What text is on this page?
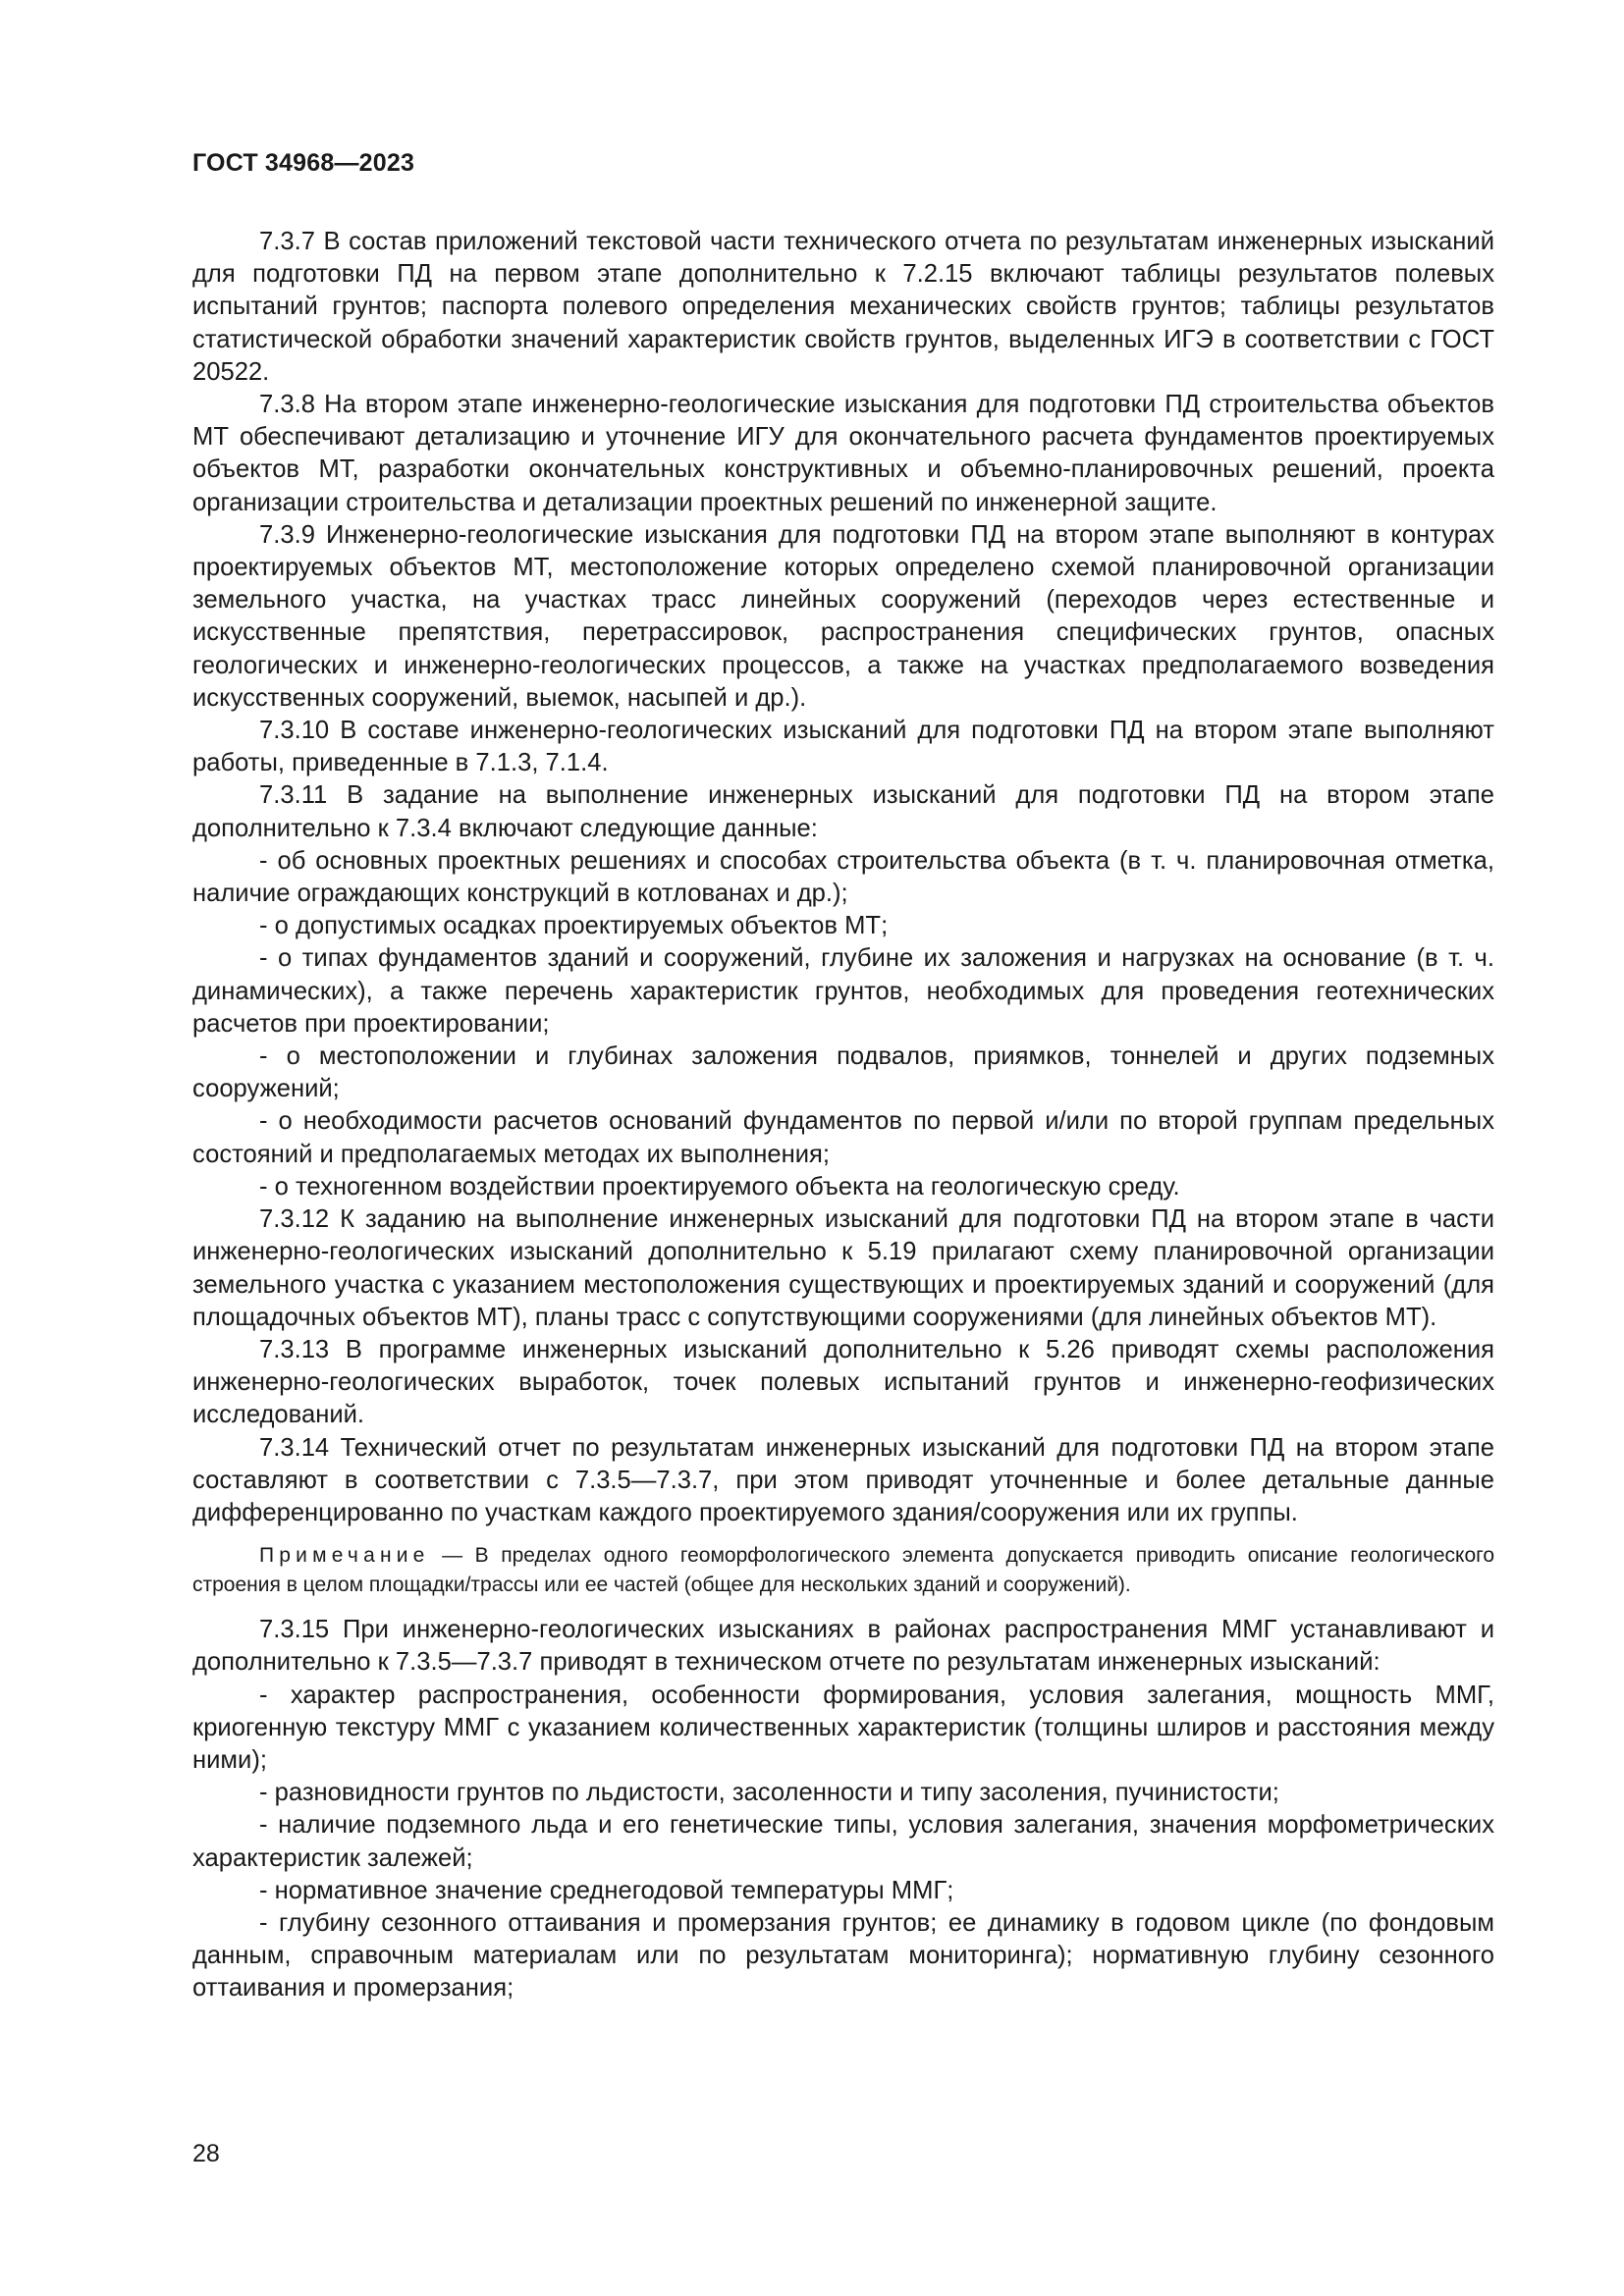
ГОСТ 34968—2023

7.3.7 В состав приложений текстовой части технического отчета по результатам инженерных изысканий для подготовки ПД на первом этапе дополнительно к 7.2.15 включают таблицы результатов полевых испытаний грунтов; паспорта полевого определения механических свойств грунтов; таблицы результатов статистической обработки значений характеристик свойств грунтов, выделенных ИГЭ в соответствии с ГОСТ 20522.

7.3.8 На втором этапе инженерно-геологические изыскания для подготовки ПД строительства объектов МТ обеспечивают детализацию и уточнение ИГУ для окончательного расчета фундаментов проектируемых объектов МТ, разработки окончательных конструктивных и объемно-планировочных решений, проекта организации строительства и детализации проектных решений по инженерной защите.

7.3.9 Инженерно-геологические изыскания для подготовки ПД на втором этапе выполняют в контурах проектируемых объектов МТ, местоположение которых определено схемой планировочной организации земельного участка, на участках трасс линейных сооружений (переходов через естественные и искусственные препятствия, перетрассировок, распространения специфических грунтов, опасных геологических и инженерно-геологических процессов, а также на участках предполагаемого возведения искусственных сооружений, выемок, насыпей и др.).

7.3.10 В составе инженерно-геологических изысканий для подготовки ПД на втором этапе выполняют работы, приведенные в 7.1.3, 7.1.4.

7.3.11 В задание на выполнение инженерных изысканий для подготовки ПД на втором этапе дополнительно к 7.3.4 включают следующие данные:

- об основных проектных решениях и способах строительства объекта (в т. ч. планировочная отметка, наличие ограждающих конструкций в котлованах и др.);

- о допустимых осадках проектируемых объектов МТ;

- о типах фундаментов зданий и сооружений, глубине их заложения и нагрузках на основание (в т. ч. динамических), а также перечень характеристик грунтов, необходимых для проведения геотехнических расчетов при проектировании;

- о местоположении и глубинах заложения подвалов, приямков, тоннелей и других подземных сооружений;

- о необходимости расчетов оснований фундаментов по первой и/или по второй группам предельных состояний и предполагаемых методах их выполнения;

- о техногенном воздействии проектируемого объекта на геологическую среду.

7.3.12 К заданию на выполнение инженерных изысканий для подготовки ПД на втором этапе в части инженерно-геологических изысканий дополнительно к 5.19 прилагают схему планировочной организации земельного участка с указанием местоположения существующих и проектируемых зданий и сооружений (для площадочных объектов МТ), планы трасс с сопутствующими сооружениями (для линейных объектов МТ).

7.3.13 В программе инженерных изысканий дополнительно к 5.26 приводят схемы расположения инженерно-геологических выработок, точек полевых испытаний грунтов и инженерно-геофизических исследований.

7.3.14 Технический отчет по результатам инженерных изысканий для подготовки ПД на втором этапе составляют в соответствии с 7.3.5—7.3.7, при этом приводят уточненные и более детальные данные дифференцированно по участкам каждого проектируемого здания/сооружения или их группы.

Примечание — В пределах одного геоморфологического элемента допускается приводить описание геологического строения в целом площадки/трассы или ее частей (общее для нескольких зданий и сооружений).

7.3.15 При инженерно-геологических изысканиях в районах распространения ММГ устанавливают и дополнительно к 7.3.5—7.3.7 приводят в техническом отчете по результатам инженерных изысканий:

- характер распространения, особенности формирования, условия залегания, мощность ММГ, криогенную текстуру ММГ с указанием количественных характеристик (толщины шлиров и расстояния между ними);

- разновидности грунтов по льдистости, засоленности и типу засоления, пучинистости;

- наличие подземного льда и его генетические типы, условия залегания, значения морфометрических характеристик залежей;

- нормативное значение среднегодовой температуры ММГ;

- глубину сезонного оттаивания и промерзания грунтов; ее динамику в годовом цикле (по фондовым данным, справочным материалам или по результатам мониторинга); нормативную глубину сезонного оттаивания и промерзания;

28
